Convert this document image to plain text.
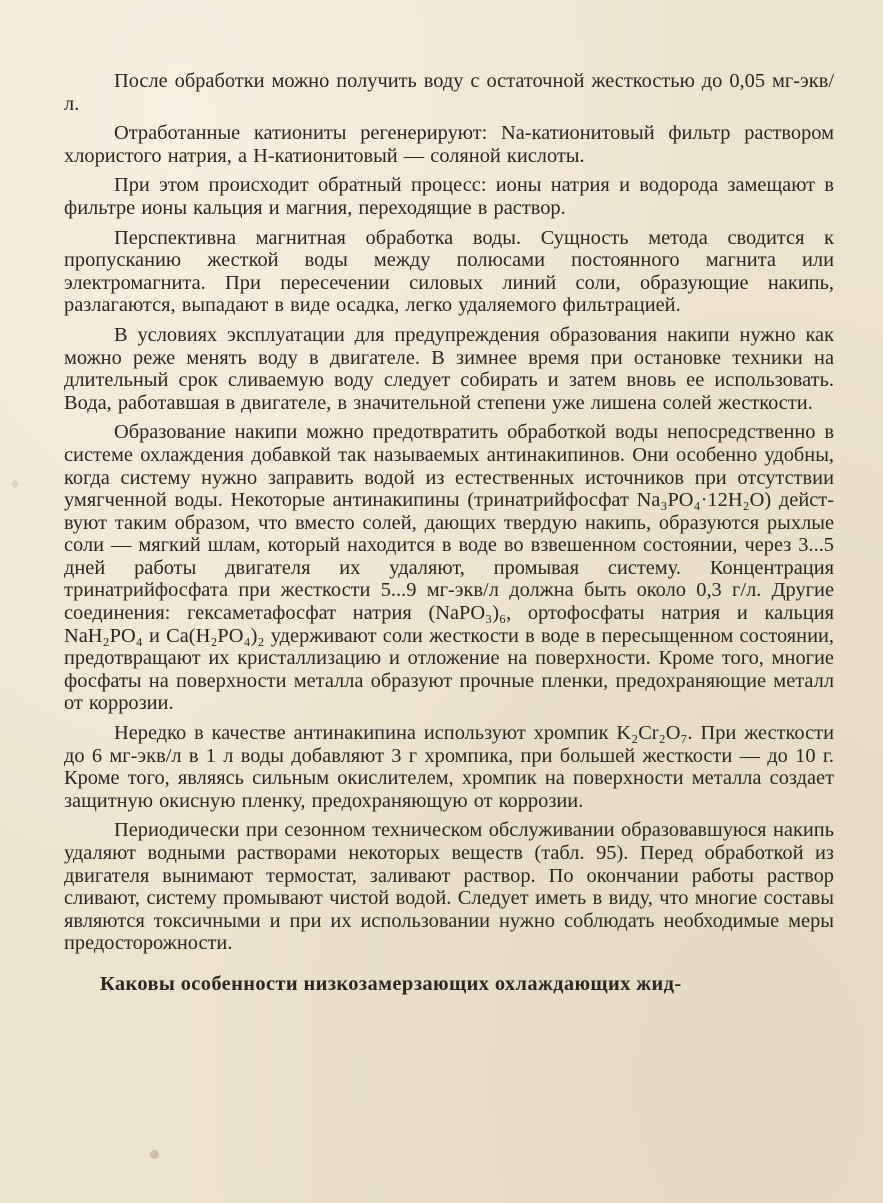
После обработки можно получить воду с остаточной жесткостью до 0,05 мг-экв/л.

Отработанные катиониты регенерируют: Na-катионитовый фильтр раствором хлористого натрия, а H-катионитовый — соляной кислоты.

При этом происходит обратный процесс: ионы натрия и водорода замещают в фильтре ионы кальция и магния, переходящие в раствор.

Перспективна магнитная обработка воды. Сущность метода сводится к пропусканию жесткой воды между полюсами постоянного магнита или электромагнита. При пересечении силовых линий соли, образующие накипь, разлагаются, выпадают в виде осадка, легко удаляемого фильтрацией.

В условиях эксплуатации для предупреждения образования накипи нужно как можно реже менять воду в двигателе. В зимнее время при остановке техники на длительный срок сливаемую воду следует собирать и затем вновь ее использовать. Вода, работавшая в двигателе, в значительной степени уже лишена солей жесткости.

Образование накипи можно предотвратить обработкой воды непосредственно в системе охлаждения добавкой так называемых антинакипинов. Они особенно удобны, когда систему нужно заправить водой из естественных источников при отсутствии умягченной воды. Некоторые антинакипины (тринатрийфосфат Na₃PO₄·12H₂O) действуют таким образом, что вместо солей, дающих твердую накипь, образуются рыхлые соли — мягкий шлам, который находится в воде во взвешенном состоянии, через 3...5 дней работы двигателя их удаляют, промывая систему. Концентрация тринатрийфосфата при жесткости 5...9 мг-экв/л должна быть около 0,3 г/л. Другие соединения: гексаметафосфат натрия (NaPO₃)₆, ортофосфаты натрия и кальция NaH₂PO₄ и Ca(H₂PO₄)₂ удерживают соли жесткости в воде в пересыщенном состоянии, предотвращают их кристаллизацию и отложение на поверхности. Кроме того, многие фосфаты на поверхности металла образуют прочные пленки, предохраняющие металл от коррозии.

Нередко в качестве антинакипина используют хромпик K₂Cr₂O₇. При жесткости до 6 мг-экв/л в 1 л воды добавляют 3 г хромпика, при большей жесткости — до 10 г. Кроме того, являясь сильным окислителем, хромпик на поверхности металла создает защитную окисную пленку, предохраняющую от коррозии.

Периодически при сезонном техническом обслуживании образовавшуюся накипь удаляют водными растворами некоторых веществ (табл. 95). Перед обработкой из двигателя вынимают термостат, заливают раствор. По окончании работы раствор сливают, систему промывают чистой водой. Следует иметь в виду, что многие составы являются токсичными и при их использовании нужно соблюдать необходимые меры предосторожности.

Каковы особенности низкозамерзающих охлаждающих жид-
